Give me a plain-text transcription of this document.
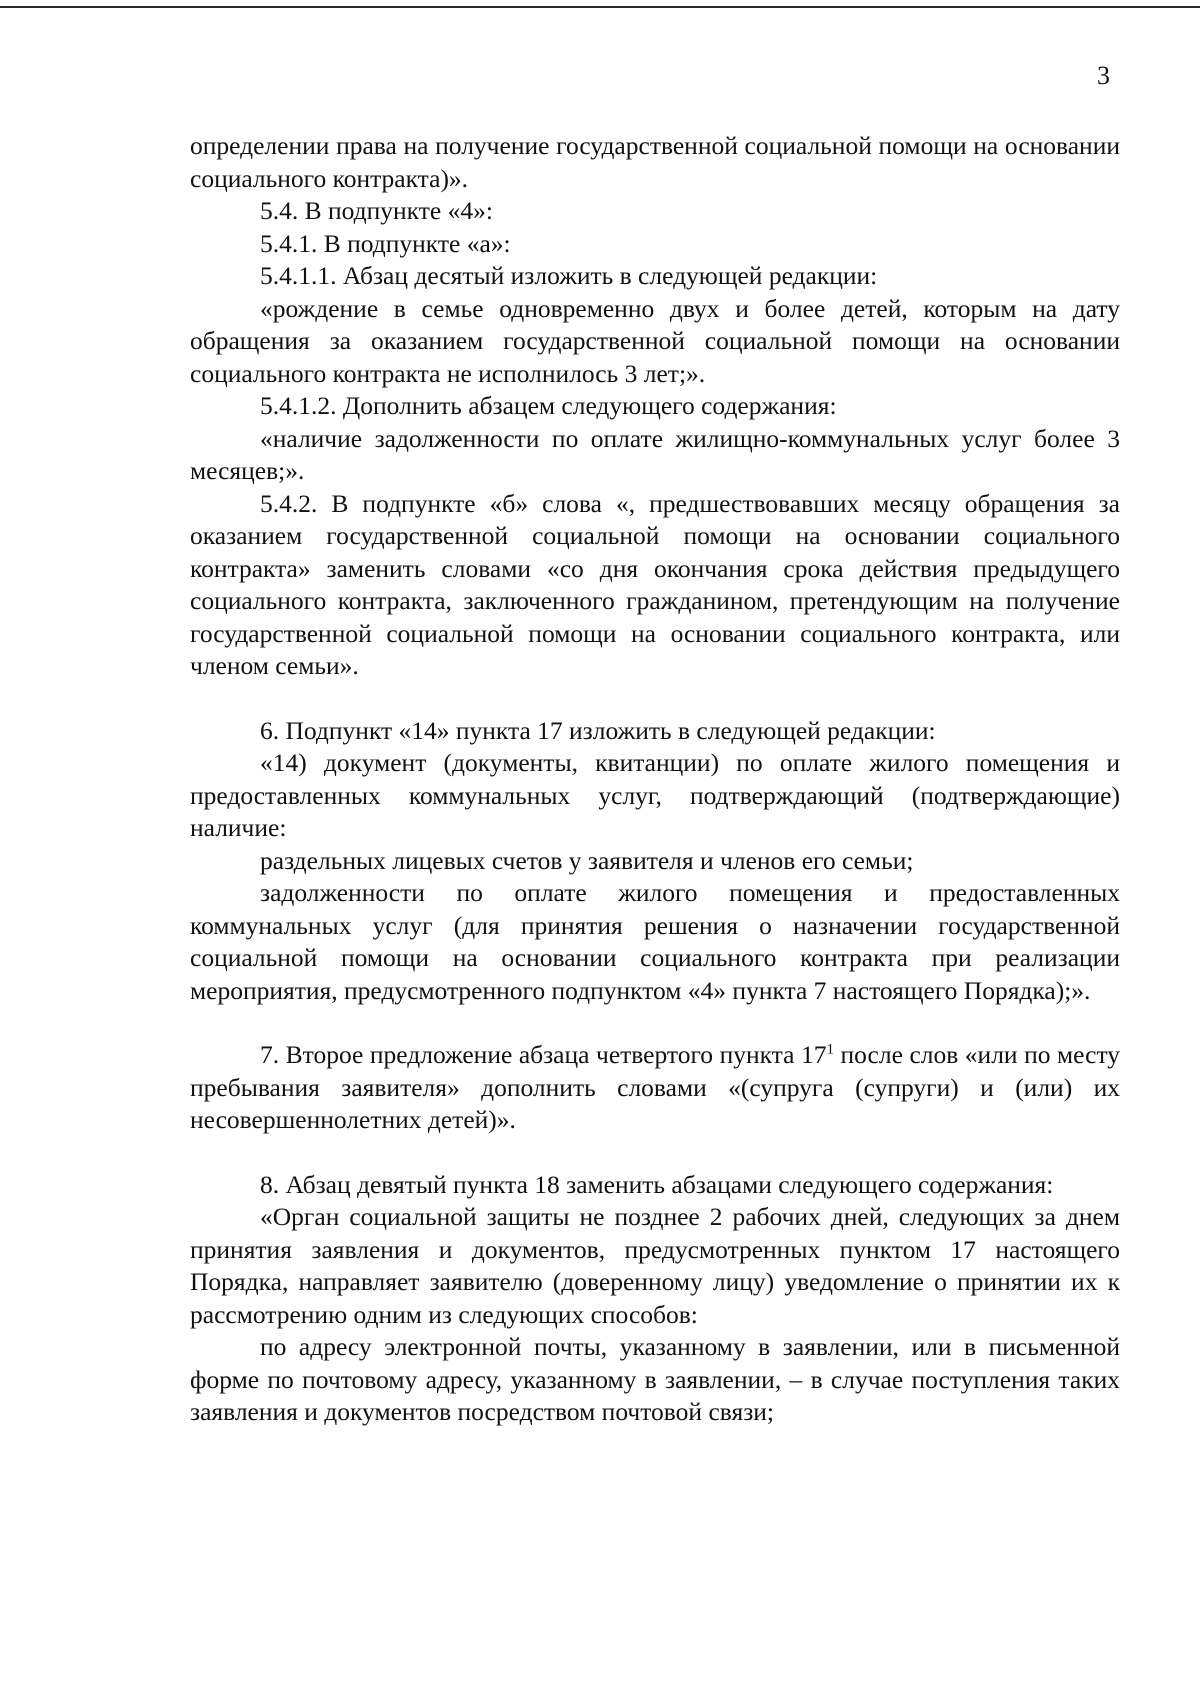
3

определении права на получение государственной социальной помощи на основании социального контракта)».

5.4. В подпункте «4»:

5.4.1. В подпункте «а»:

5.4.1.1. Абзац десятый изложить в следующей редакции:

«рождение в семье одновременно двух и более детей, которым на дату обращения за оказанием государственной социальной помощи на основании социального контракта не исполнилось 3 лет;».

5.4.1.2. Дополнить абзацем следующего содержания:

«наличие задолженности по оплате жилищно-коммунальных услуг более 3 месяцев;».

5.4.2. В подпункте «б» слова «, предшествовавших месяцу обращения за оказанием государственной социальной помощи на основании социального контракта» заменить словами «со дня окончания срока действия предыдущего социального контракта, заключенного гражданином, претендующим на получение государственной социальной помощи на основании социального контракта, или членом семьи».

6. Подпункт «14» пункта 17 изложить в следующей редакции:

«14) документ (документы, квитанции) по оплате жилого помещения и предоставленных коммунальных услуг, подтверждающий (подтверждающие) наличие:

раздельных лицевых счетов у заявителя и членов его семьи;

задолженности по оплате жилого помещения и предоставленных коммунальных услуг (для принятия решения о назначении государственной социальной помощи на основании социального контракта при реализации мероприятия, предусмотренного подпунктом «4» пункта 7 настоящего Порядка);».

7. Второе предложение абзаца четвертого пункта $17^1$ после слов «или по месту пребывания заявителя» дополнить словами «(супруга (супруги) и (или) их несовершеннолетних детей)».

8. Абзац девятый пункта 18 заменить абзацами следующего содержания:

«Орган социальной защиты не позднее 2 рабочих дней, следующих за днем принятия заявления и документов, предусмотренных пунктом 17 настоящего Порядка, направляет заявителю (доверенному лицу) уведомление о принятии их к рассмотрению одним из следующих способов:

по адресу электронной почты, указанному в заявлении, или в письменной форме по почтовому адресу, указанному в заявлении, – в случае поступления таких заявления и документов посредством почтовой связи;
